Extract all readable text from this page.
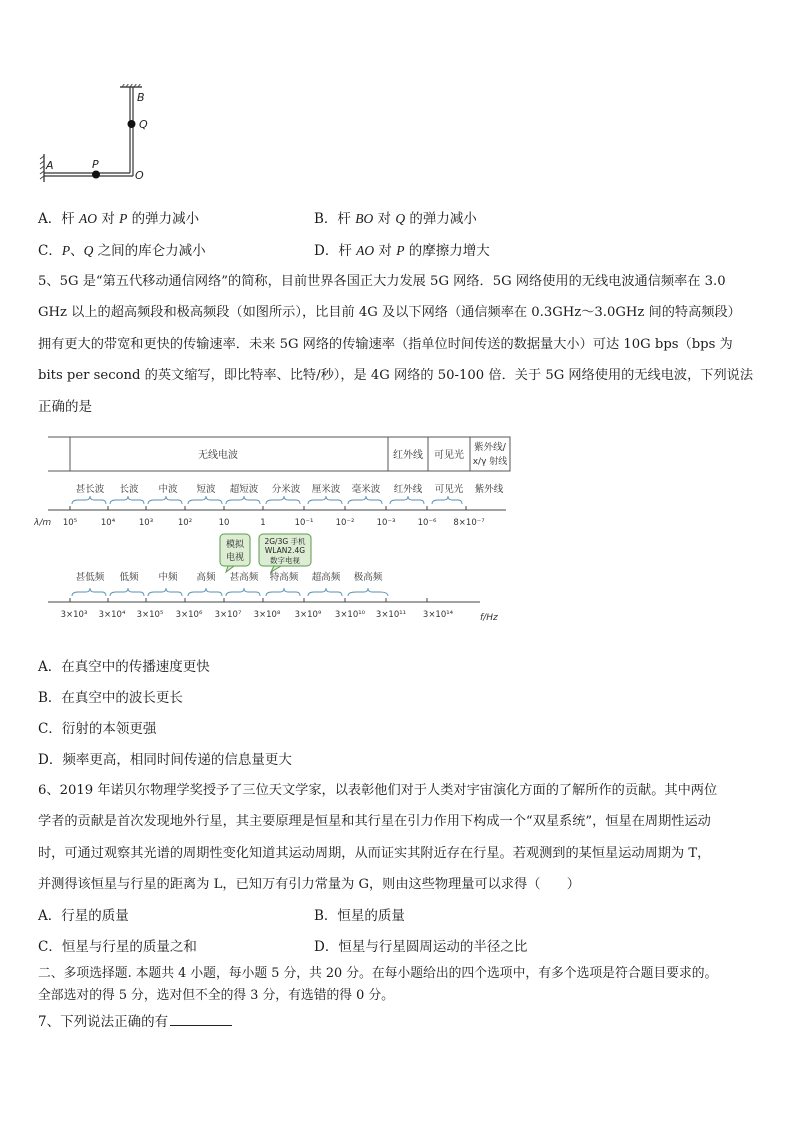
B
Q
A	P
O
A．杆 AO 对 P 的弹力减小	B．杆 BO 对 Q 的弹力减小
C．P、Q 之间的库仑力减小	D．杆 AO 对 P 的摩擦力增大
5、5G 是“第五代移动通信网络”的简称，目前世界各国正大力发展 5G 网络．5G 网络使用的无线电波通信频率在 3.0
GHz 以上的超高频段和极高频段（如图所示），比目前 4G 及以下网络（通信频率在 0.3GHz～3.0GHz 间的特高频段）
拥有更大的带宽和更快的传输速率．未来 5G 网络的传输速率（指单位时间传送的数据量大小）可达 10G bps（bps 为
bits per second 的英文缩写，即比特率、比特/秒），是 4G 网络的 50-100 倍．关于 5G 网络使用的无线电波，下列说法
正确的是
无线电波	红外线 可见光
紫外线/
x/γ 射线
甚长波 长波 中波 短波 超短波 分米波 厘米波 毫米波 红外线 可见光 紫外线
λ/m 10⁵	10⁴	10³	10²	10	1	10⁻¹	10⁻²	10⁻³	10⁻⁶ 8×10⁻⁷
模拟
电视
2G/3G 手机
WLAN2.4G
数字电视
甚低频 低频 中频 高频 甚高频 特高频 超高频 极高频
3×10³ 3×10⁴ 3×10⁵ 3×10⁶ 3×10⁷ 3×10⁸ 3×10⁹ 3×10¹⁰ 3×10¹¹ 3×10¹⁴	f/Hz
A．在真空中的传播速度更快
B．在真空中的波长更长
C．衍射的本领更强
D．频率更高，相同时间传递的信息量更大
6、2019 年诺贝尔物理学奖授予了三位天文学家，以表彰他们对于人类对宇宙演化方面的了解所作的贡献。其中两位
学者的贡献是首次发现地外行星，其主要原理是恒星和其行星在引力作用下构成一个“双星系统”，恒星在周期性运动
时，可通过观察其光谱的周期性变化知道其运动周期，从而证实其附近存在行星。若观测到的某恒星运动周期为 T，
并测得该恒星与行星的距离为 L，已知万有引力常量为 G，则由这些物理量可以求得（　　）
A．行星的质量	B．恒星的质量
C．恒星与行星的质量之和	D．恒星与行星圆周运动的半径之比
二、多项选择题. 本题共 4 小题，每小题 5 分，共 20 分。在每小题给出的四个选项中，有多个选项是符合题目要求的。
全部选对的得 5 分，选对但不全的得 3 分，有选错的得 0 分。
7、下列说法正确的有
